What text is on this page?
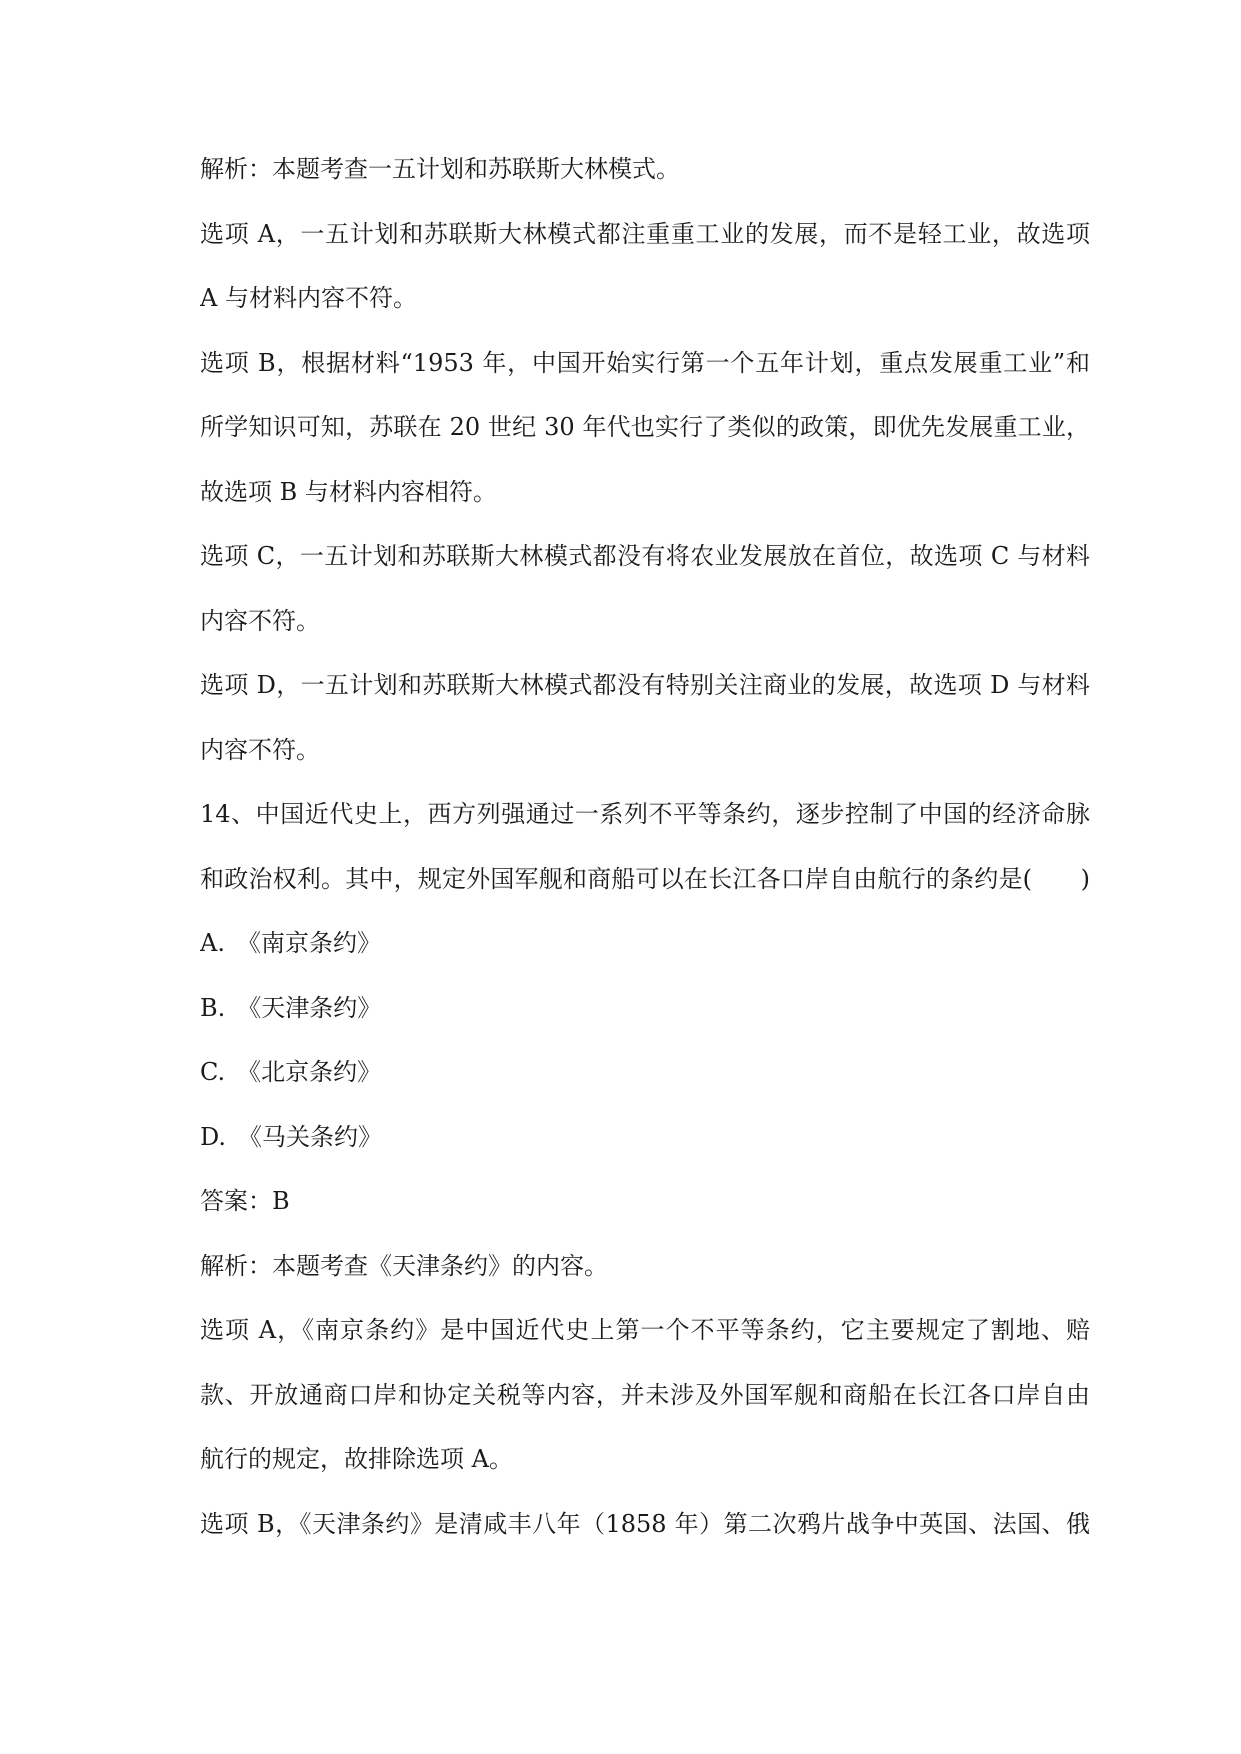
解析：本题考查一五计划和苏联斯大林模式。
选项 A，一五计划和苏联斯大林模式都注重重工业的发展，而不是轻工业，故选项
A 与材料内容不符。
选项 B，根据材料“1953 年，中国开始实行第一个五年计划，重点发展重工业”和
所学知识可知，苏联在 20 世纪 30 年代也实行了类似的政策，即优先发展重工业，
故选项 B 与材料内容相符。
选项 C，一五计划和苏联斯大林模式都没有将农业发展放在首位，故选项 C 与材料
内容不符。
选项 D，一五计划和苏联斯大林模式都没有特别关注商业的发展，故选项 D 与材料
内容不符。
14、中国近代史上，西方列强通过一系列不平等条约，逐步控制了中国的经济命脉
和政治权利。其中，规定外国军舰和商船可以在长江各口岸自由航行的条约是(　　)
A.　《南京条约》
B.　《天津条约》
C.　《北京条约》
D.　《马关条约》
答案：B
解析：本题考查《天津条约》的内容。
选项 A，《南京条约》是中国近代史上第一个不平等条约，它主要规定了割地、赔
款、开放通商口岸和协定关税等内容，并未涉及外国军舰和商船在长江各口岸自由
航行的规定，故排除选项 A。
选项 B，《天津条约》是清咸丰八年（1858 年）第二次鸦片战争中英国、法国、俄
